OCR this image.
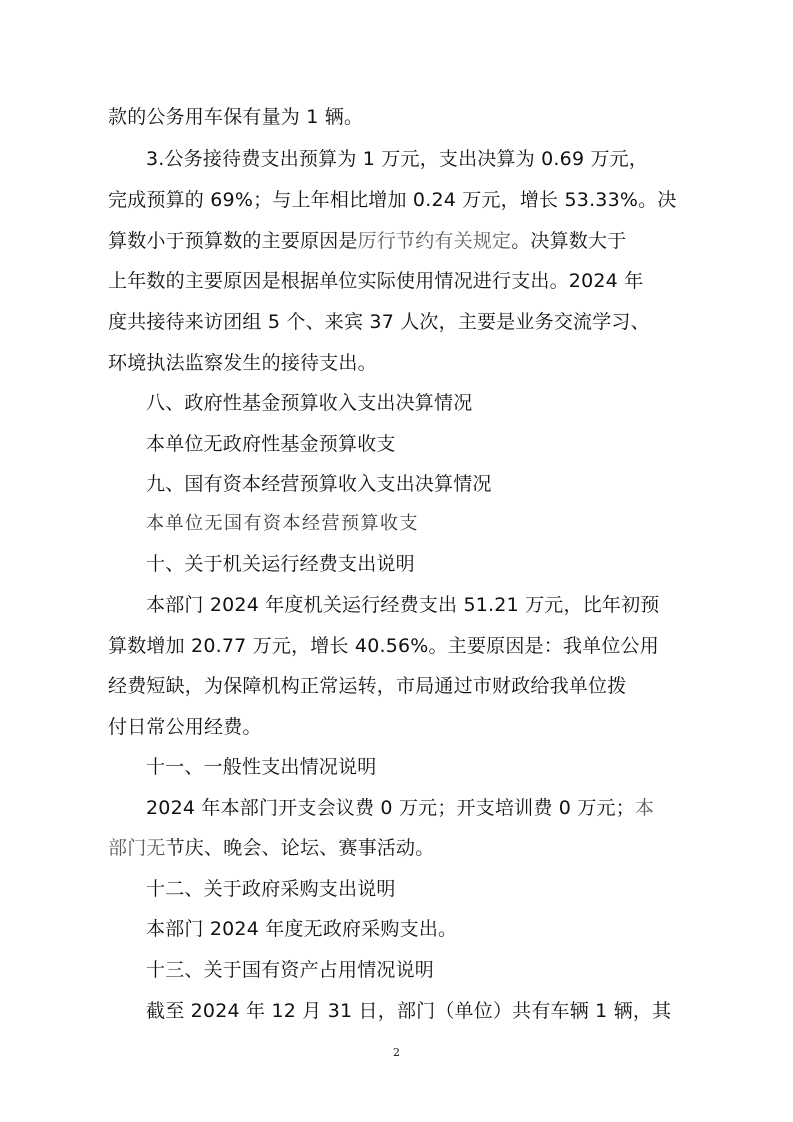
款的公务用车保有量为 1 辆。

3.公务接待费支出预算为 1 万元，支出决算为 0.69 万元，

完成预算的 69%；与上年相比增加 0.24 万元，增长 53.33%。决

算数小于预算数的主要原因是厉行节约有关规定。决算数大于

上年数的主要原因是根据单位实际使用情况进行支出。2024 年

度共接待来访团组 5 个、来宾 37 人次，主要是业务交流学习、

环境执法监察发生的接待支出。

八、政府性基金预算收入支出决算情况

本单位无政府性基金预算收支

九、国有资本经营预算收入支出决算情况

本单位无国有资本经营预算收支

十、关于机关运行经费支出说明

本部门 2024 年度机关运行经费支出 51.21 万元，比年初预

算数增加 20.77 万元，增长 40.56%。主要原因是：我单位公用

经费短缺，为保障机构正常运转，市局通过市财政给我单位拨

付日常公用经费。

十一、一般性支出情况说明

2024 年本部门开支会议费 0 万元；开支培训费 0 万元；本

部门无节庆、晚会、论坛、赛事活动。

十二、关于政府采购支出说明

本部门 2024 年度无政府采购支出。

十三、关于国有资产占用情况说明

截至 2024 年 12 月 31 日，部门（单位）共有车辆 1 辆，其

2
